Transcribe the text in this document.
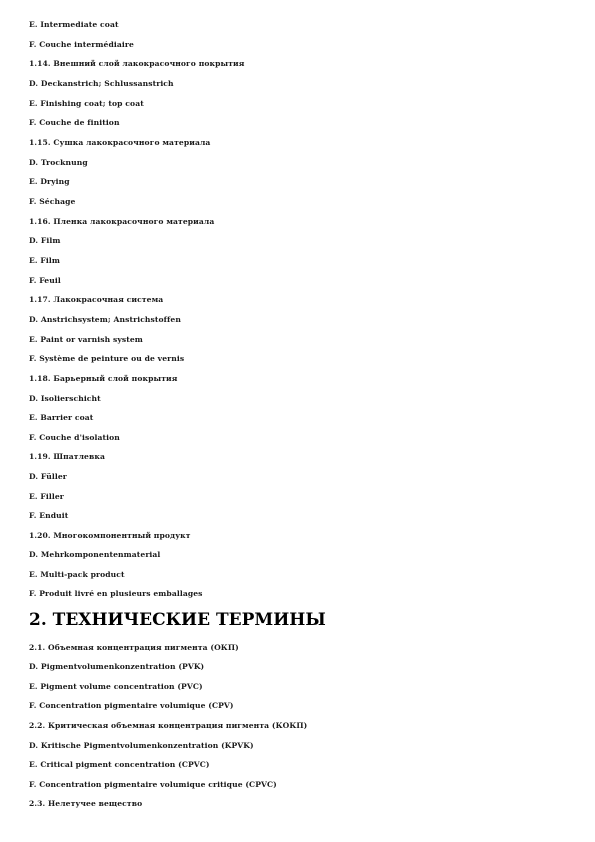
E. Intermediate coat
F. Couche intermédiaire
1.14. Внешний слой лакокрасочного покрытия
D. Deckanstrich; Schlussanstrich
E. Finishing coat; top coat
F. Couche de finition
1.15. Сушка лакокрасочного материала
D. Trocknung
E. Drying
F. Séchage
1.16. Пленка лакокрасочного материала
D. Film
E. Film
F. Feuil
1.17. Лакокрасочная система
D. Anstrichsystem; Anstrichstoffen
E. Paint or varnish system
F. Système de peinture ou de vernis
1.18. Барьерный слой покрытия
D. Isolierschicht
E. Barrier coat
F. Couche d'isolation
1.19. Шпатлевка
D. Füller
E. Filler
F. Enduit
1.20. Многокомпонентный продукт
D. Mehrkomponentenmaterial
E. Multi-pack product
F. Produit livré en plusieurs emballages
2. ТЕХНИЧЕСКИЕ ТЕРМИНЫ
2.1. Объемная концентрация пигмента (ОКП)
D. Pigmentvolumenkonzentration (PVK)
E. Pigment volume concentration (PVC)
F. Concentration pigmentaire volumique (CPV)
2.2. Критическая объемная концентрация пигмента (КОКП)
D. Kritische Pigmentvolumenkonzentration (KPVK)
E. Critical pigment concentration (CPVC)
F. Concentration pigmentaire volumique critique (CPVC)
2.3. Нелетучее вещество
